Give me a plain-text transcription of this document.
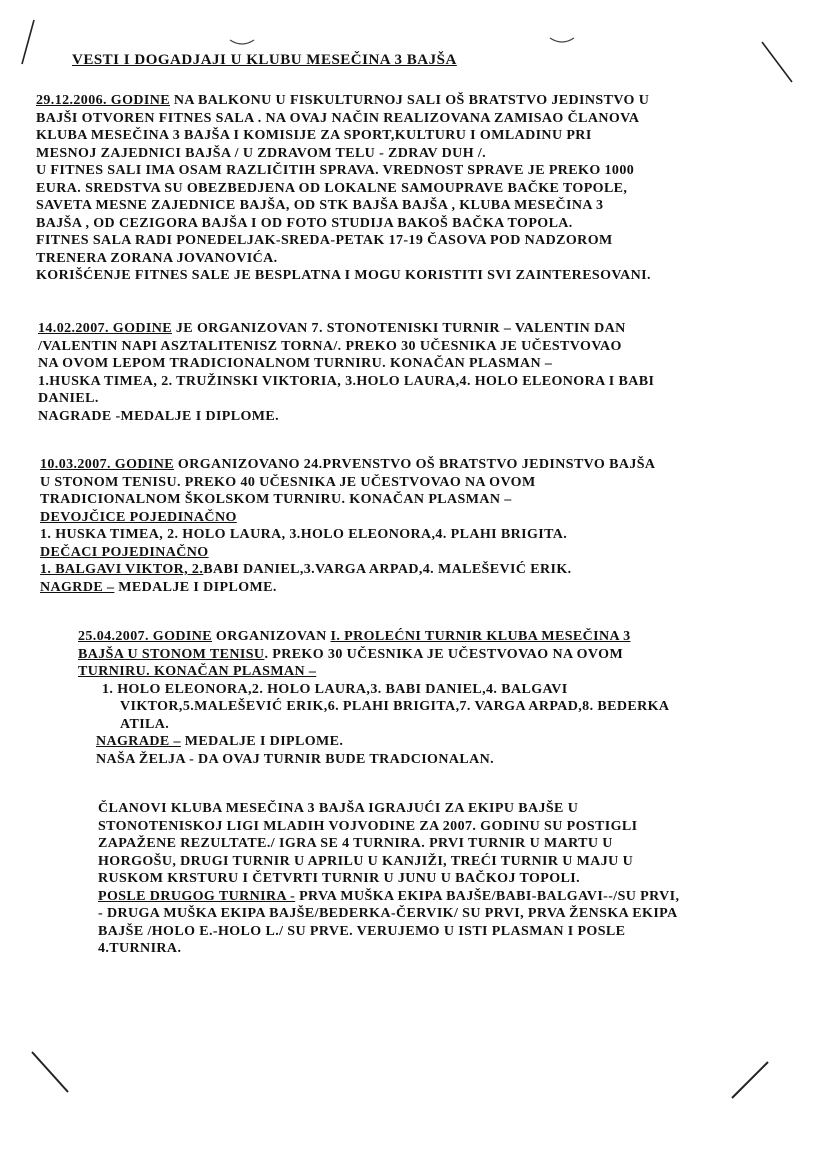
VESTI I DOGADJAJI U KLUBU MESEČINA 3 BAJŠA

29.12.2006. GODINE NA BALKONU U FISKULTURNOJ SALI OŠ BRATSTVO JEDINSTVO U

BAJŠI OTVOREN FITNES SALA . NA OVAJ NAČIN REALIZOVANA ZAMISAO ČLANOVA

KLUBA MESEČINA 3 BAJŠA I KOMISIJE ZA SPORT,KULTURU I OMLADINU PRI

MESNOJ ZAJEDNICI BAJŠA / U ZDRAVOM TELU - ZDRAV DUH /.

U FITNES SALI IMA OSAM RAZLIČITIH SPRAVA. VREDNOST SPRAVE JE PREKO 1000

EURA. SREDSTVA SU OBEZBEDJENA OD LOKALNE SAMOUPRAVE BAČKE TOPOLE,

SAVETA MESNE ZAJEDNICE BAJŠA, OD STK BAJŠA BAJŠA , KLUBA MESEČINA 3

BAJŠA , OD CEZIGORA BAJŠA I OD FOTO STUDIJA BAKOŠ BAČKA TOPOLA.

FITNES SALA RADI PONEDELJAK-SREDA-PETAK 17-19 ČASOVA POD NADZOROM

TRENERA ZORANA JOVANOVIĆA.

KORIŠĆENJE FITNES SALE JE BESPLATNA I MOGU KORISTITI SVI ZAINTERESOVANI.

14.02.2007. GODINE JE ORGANIZOVAN 7. STONOTENISKI TURNIR – VALENTIN DAN

/VALENTIN NAPI ASZTALITENISZ TORNA/. PREKO 30 UČESNIKA JE UČESTVOVAO

NA OVOM LEPOM TRADICIONALNOM TURNIRU. KONAČAN PLASMAN –

1.HUSKA TIMEA, 2. TRUŽINSKI VIKTORIA, 3.HOLO LAURA,4. HOLO ELEONORA I BABI

DANIEL.

NAGRADE -MEDALJE I DIPLOME.

10.03.2007. GODINE ORGANIZOVANO 24.PRVENSTVO OŠ BRATSTVO JEDINSTVO BAJŠA

U STONOM TENISU. PREKO 40 UČESNIKA JE UČESTVOVAO NA OVOM

TRADICIONALNOM ŠKOLSKOM TURNIRU. KONAČAN PLASMAN –

DEVOJČICE POJEDINAČNO

1. HUSKA TIMEA, 2. HOLO LAURA, 3.HOLO ELEONORA,4. PLAHI BRIGITA.

DEČACI POJEDINAČNO

1. BALGAVI VIKTOR, 2.BABI DANIEL,3.VARGA ARPAD,4. MALEŠEVIĆ ERIK.

NAGRDE – MEDALJE I DIPLOME.

25.04.2007. GODINE ORGANIZOVAN I. PROLEĆNI TURNIR KLUBA MESEČINA 3

BAJŠA U STONOM TENISU. PREKO 30 UČESNIKA JE UČESTVOVAO NA OVOM

TURNIRU. KONAČAN PLASMAN –

1. HOLO ELEONORA,2. HOLO LAURA,3. BABI DANIEL,4. BALGAVI

VIKTOR,5.MALEŠEVIĆ ERIK,6. PLAHI BRIGITA,7. VARGA ARPAD,8. BEDERKA

ATILA.

NAGRADE – MEDALJE I DIPLOME.

NAŠA ŽELJA - DA OVAJ TURNIR BUDE TRADCIONALAN.

ČLANOVI KLUBA MESEČINA 3 BAJŠA IGRAJUĆI ZA EKIPU BAJŠE U

STONOTENISKOJ LIGI MLADIH VOJVODINE ZA 2007. GODINU SU POSTIGLI

ZAPAŽENE REZULTATE./ IGRA SE 4 TURNIRA. PRVI TURNIR U MARTU U

HORGOŠU, DRUGI TURNIR U APRILU U KANJIŽI, TREĆI TURNIR U MAJU U

RUSKOM KRSTURU I ČETVRTI TURNIR U JUNU U BAČKOJ TOPOLI.

POSLE DRUGOG TURNIRA - PRVA MUŠKA EKIPA BAJŠE/BABI-BALGAVI--/SU PRVI,

- DRUGA MUŠKA EKIPA BAJŠE/BEDERKA-ČERVIK/ SU PRVI, PRVA ŽENSKA EKIPA

BAJŠE /HOLO E.-HOLO L./ SU PRVE. VERUJEMO U ISTI PLASMAN I POSLE

4.TURNIRA.
